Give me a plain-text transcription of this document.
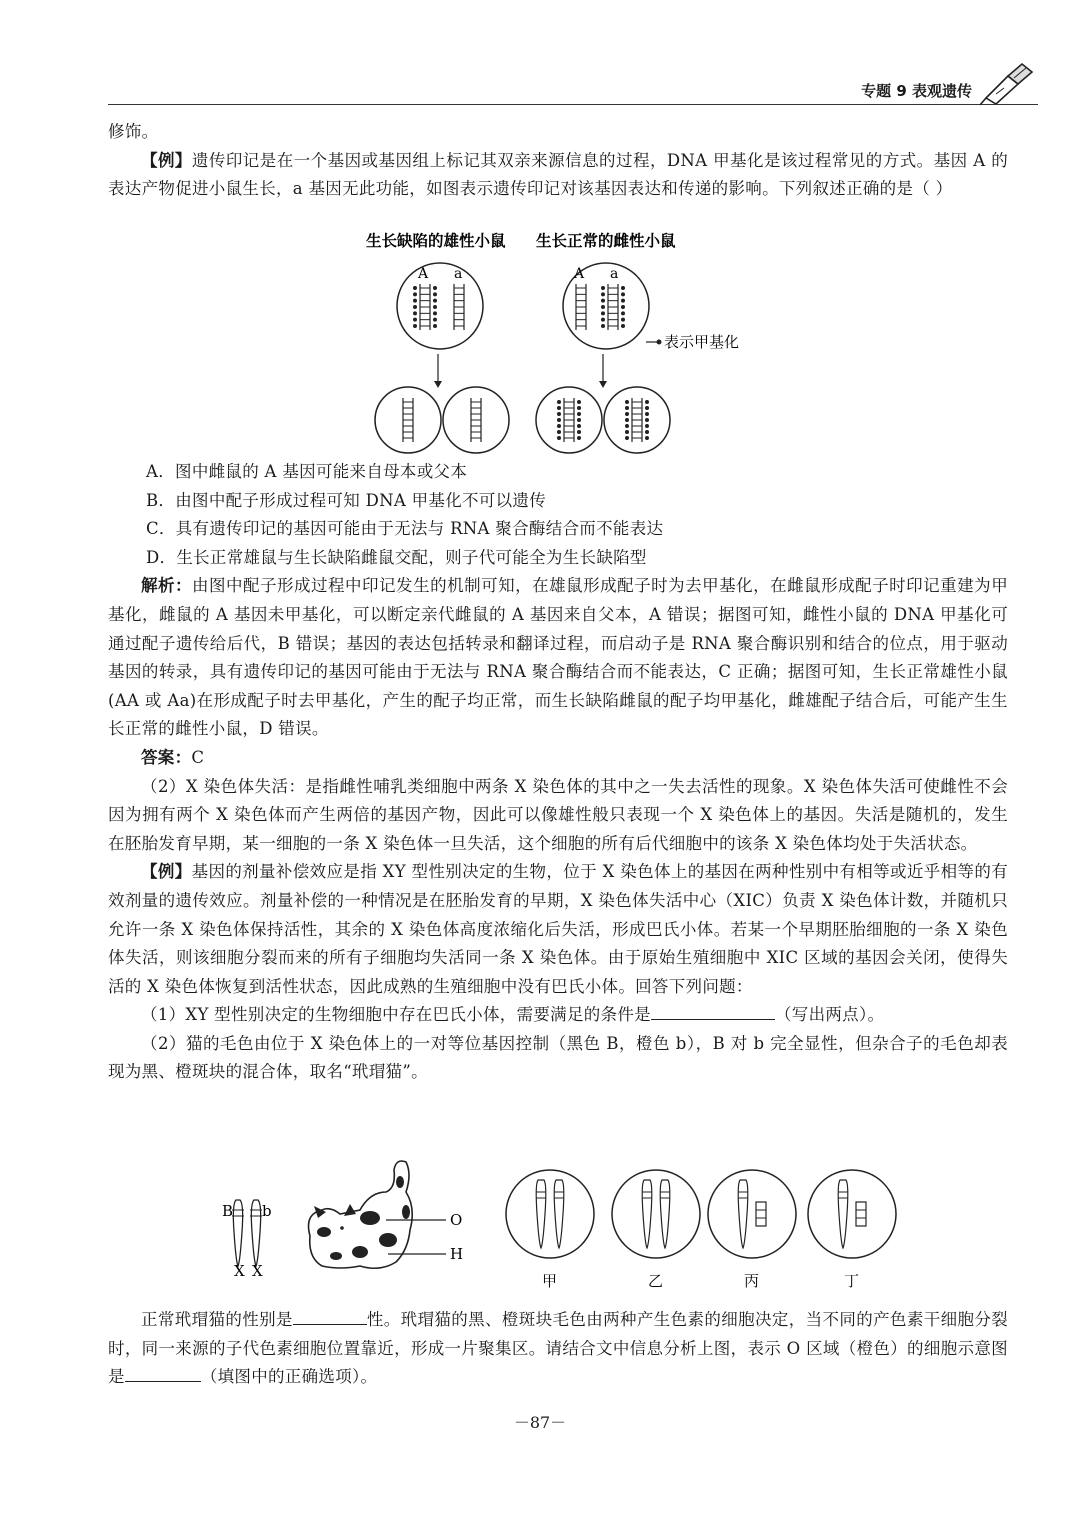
专题 9 表观遗传

修饰。

【例】遗传印记是在一个基因或基因组上标记其双亲来源信息的过程，DNA 甲基化是该过程常见的方式。基因 A 的表达产物促进小鼠生长，a 基因无此功能，如图表示遗传印记对该基因表达和传递的影响。下列叙述正确的是（ ）

生长缺陷的雄性小鼠 生长正常的雌性小鼠
A a	A a
表示甲基化

A．图中雌鼠的 A 基因可能来自母本或父本

B．由图中配子形成过程可知 DNA 甲基化不可以遗传

C．具有遗传印记的基因可能由于无法与 RNA 聚合酶结合而不能表达

D．生长正常雄鼠与生长缺陷雌鼠交配，则子代可能全为生长缺陷型

解析：由图中配子形成过程中印记发生的机制可知，在雄鼠形成配子时为去甲基化，在雌鼠形成配子时印记重建为甲基化，雌鼠的 A 基因未甲基化，可以断定亲代雌鼠的 A 基因来自父本，A 错误；据图可知，雌性小鼠的 DNA 甲基化可通过配子遗传给后代，B 错误；基因的表达包括转录和翻译过程，而启动子是 RNA 聚合酶识别和结合的位点，用于驱动基因的转录，具有遗传印记的基因可能由于无法与 RNA 聚合酶结合而不能表达，C 正确；据图可知，生长正常雄性小鼠(AA 或 Aa)在形成配子时去甲基化，产生的配子均正常，而生长缺陷雌鼠的配子均甲基化，雌雄配子结合后，可能产生生长正常的雌性小鼠，D 错误。

答案：C

（2）X 染色体失活：是指雌性哺乳类细胞中两条 X 染色体的其中之一失去活性的现象。X 染色体失活可使雌性不会因为拥有两个 X 染色体而产生两倍的基因产物，因此可以像雄性般只表现一个 X 染色体上的基因。失活是随机的，发生在胚胎发育早期，某一细胞的一条 X 染色体一旦失活，这个细胞的所有后代细胞中的该条 X 染色体均处于失活状态。

【例】基因的剂量补偿效应是指 XY 型性别决定的生物，位于 X 染色体上的基因在两种性别中有相等或近乎相等的有效剂量的遗传效应。剂量补偿的一种情况是在胚胎发育的早期，X 染色体失活中心（XIC）负责 X 染色体计数，并随机只允许一条 X 染色体保持活性，其余的 X 染色体高度浓缩化后失活，形成巴氏小体。若某一个早期胚胎细胞的一条 X 染色体失活，则该细胞分裂而来的所有子细胞均失活同一条 X 染色体。由于原始生殖细胞中 XIC 区域的基因会关闭，使得失活的 X 染色体恢复到活性状态，因此成熟的生殖细胞中没有巴氏小体。回答下列问题：

（1）XY 型性别决定的生物细胞中存在巴氏小体，需要满足的条件是	（写出两点）。

（2）猫的毛色由位于 X 染色体上的一对等位基因控制（黑色 B，橙色 b），B 对 b 完全显性，但杂合子的毛色却表现为黑、橙斑块的混合体，取名“玳瑁猫”。

B b
X X
O
H
甲	乙	丙	丁

正常玳瑁猫的性别是	性。玳瑁猫的黑、橙斑块毛色由两种产生色素的细胞决定，当不同的产色素干细胞分裂时，同一来源的子代色素细胞位置靠近，形成一片聚集区。请结合文中信息分析上图，表示 O 区域（橙色）的细胞示意图是	（填图中的正确选项）。

－87－
